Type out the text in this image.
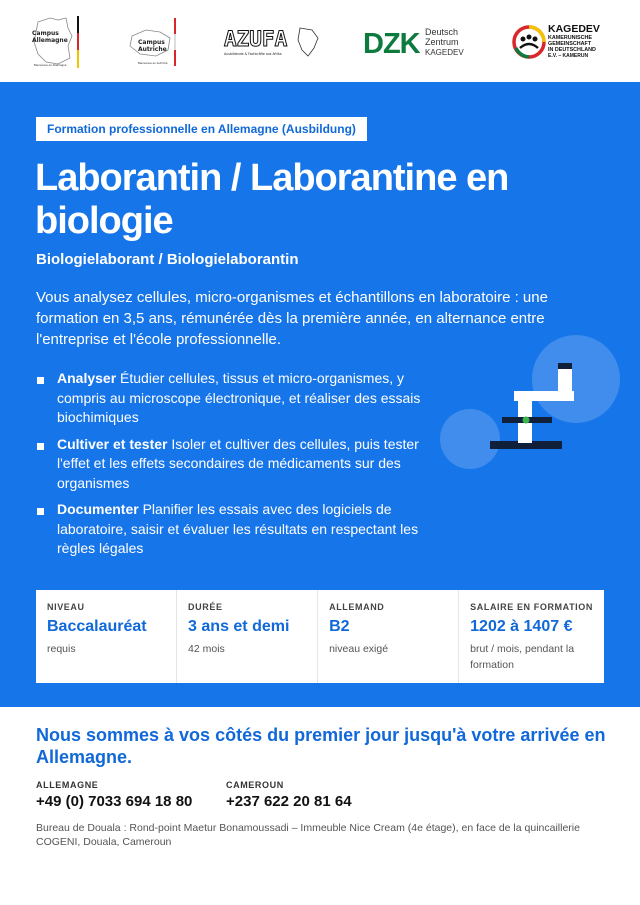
Campus
Allemagne
Bienvenue en Allemagne
Campus
Autriche
Bienvenue en Autriche
AZUFA
Ausbildende & Fachkräfte aus Afrika	DZK Deutsch
Zentrum
KAGEDEV
KAGEDEV
KAMERUNISCHE
GEMEINSCHAFT
IN DEUTSCHLAND
E.V. – KAMERUN
Formation professionnelle en Allemagne (Ausbildung)
Laborantin / Laborantine en biologie
Biologielaborant / Biologielaborantin

Vous analysez cellules, micro-organismes et échantillons en laboratoire : une formation en 3,5 ans, rémunérée dès la première année, en alternance entre l'entreprise et l'école professionnelle.

Analyser Étudier cellules, tissus et micro-organismes, y compris au microscope électronique, et réaliser des essais biochimiques
Cultiver et tester Isoler et cultiver des cellules, puis tester l'effet et les effets secondaires de médicaments sur des organismes
Documenter Planifier les essais avec des logiciels de laboratoire, saisir et évaluer les résultats en respectant les règles légales
NIVEAU
Baccalauréat
requis
DURÉE
3 ans et demi
42 mois
ALLEMAND
B2
niveau exigé
SALAIRE EN FORMATION
1202 à 1407 €
brut / mois, pendant la formation
Nous sommes à vos côtés du premier jour jusqu'à votre arrivée en Allemagne.
ALLEMAGNE
+49 (0) 7033 694 18 80
CAMEROUN
+237 622 20 81 64

Bureau de Douala : Rond-point Maetur Bonamoussadi – Immeuble Nice Cream (4e étage), en face de la quincaillerie COGENI, Douala, Cameroun
